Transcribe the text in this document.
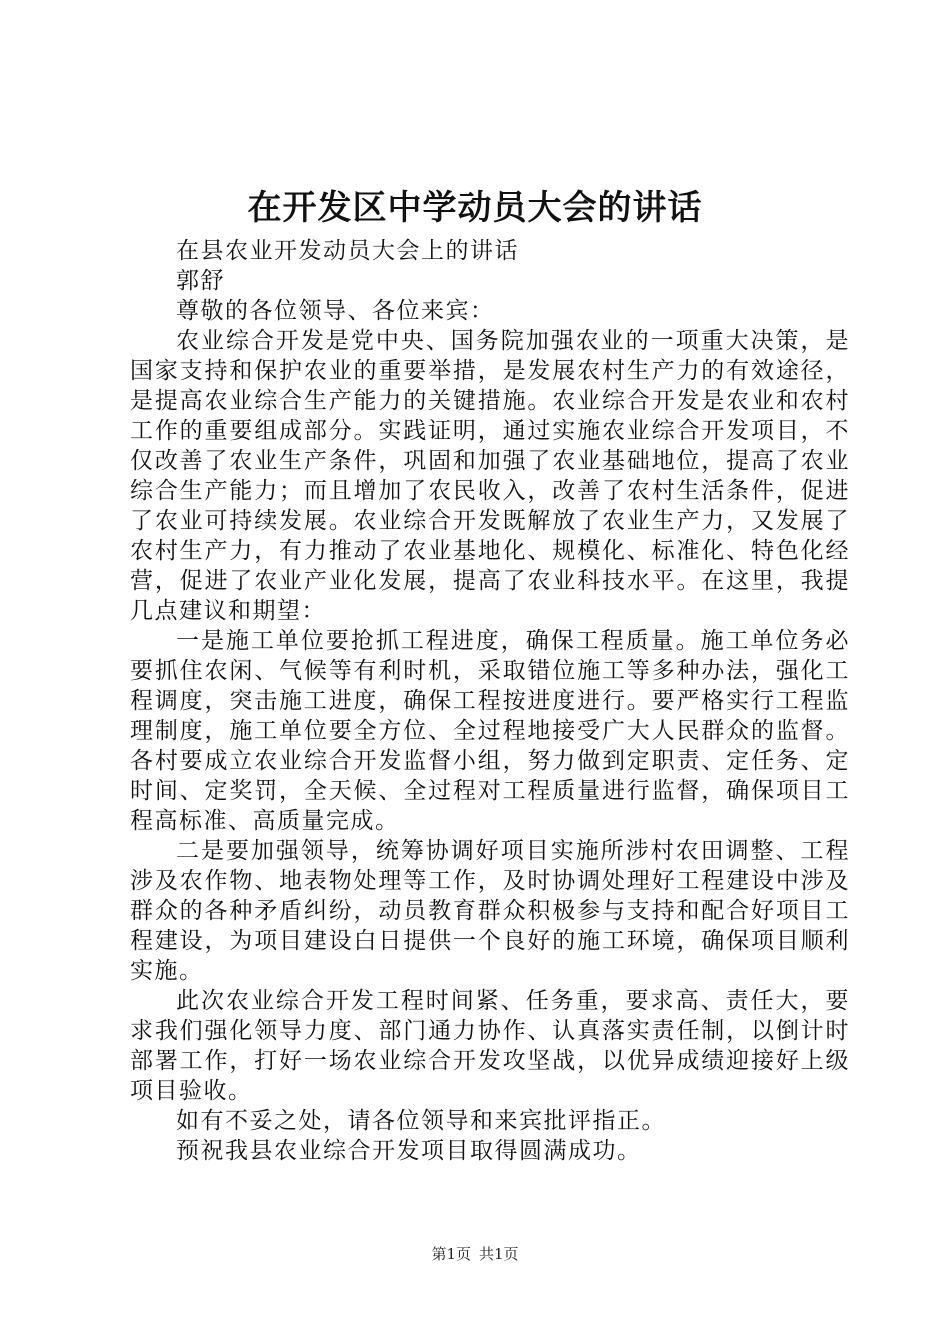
在开发区中学动员大会的讲话

在县农业开发动员大会上的讲话

郭舒

尊敬的各位领导、各位来宾：

农业综合开发是党中央、国务院加强农业的一项重大决策，是国家支持和保护农业的重要举措，是发展农村生产力的有效途径，是提高农业综合生产能力的关键措施。农业综合开发是农业和农村工作的重要组成部分。实践证明，通过实施农业综合开发项目，不仅改善了农业生产条件，巩固和加强了农业基础地位，提高了农业综合生产能力；而且增加了农民收入，改善了农村生活条件，促进了农业可持续发展。农业综合开发既解放了农业生产力，又发展了农村生产力，有力推动了农业基地化、规模化、标准化、特色化经营，促进了农业产业化发展，提高了农业科技水平。在这里，我提几点建议和期望：

一是施工单位要抢抓工程进度，确保工程质量。施工单位务必要抓住农闲、气候等有利时机，采取错位施工等多种办法，强化工程调度，突击施工进度，确保工程按进度进行。要严格实行工程监理制度，施工单位要全方位、全过程地接受广大人民群众的监督。各村要成立农业综合开发监督小组，努力做到定职责、定任务、定时间、定奖罚，全天候、全过程对工程质量进行监督，确保项目工程高标准、高质量完成。

二是要加强领导，统筹协调好项目实施所涉村农田调整、工程涉及农作物、地表物处理等工作，及时协调处理好工程建设中涉及群众的各种矛盾纠纷，动员教育群众积极参与支持和配合好项目工程建设，为项目建设白日提供一个良好的施工环境，确保项目顺利实施。

此次农业综合开发工程时间紧、任务重，要求高、责任大，要求我们强化领导力度、部门通力协作、认真落实责任制，以倒计时部署工作，打好一场农业综合开发攻坚战，以优异成绩迎接好上级项目验收。

如有不妥之处，请各位领导和来宾批评指正。

预祝我县农业综合开发项目取得圆满成功。

第1页 共1页
